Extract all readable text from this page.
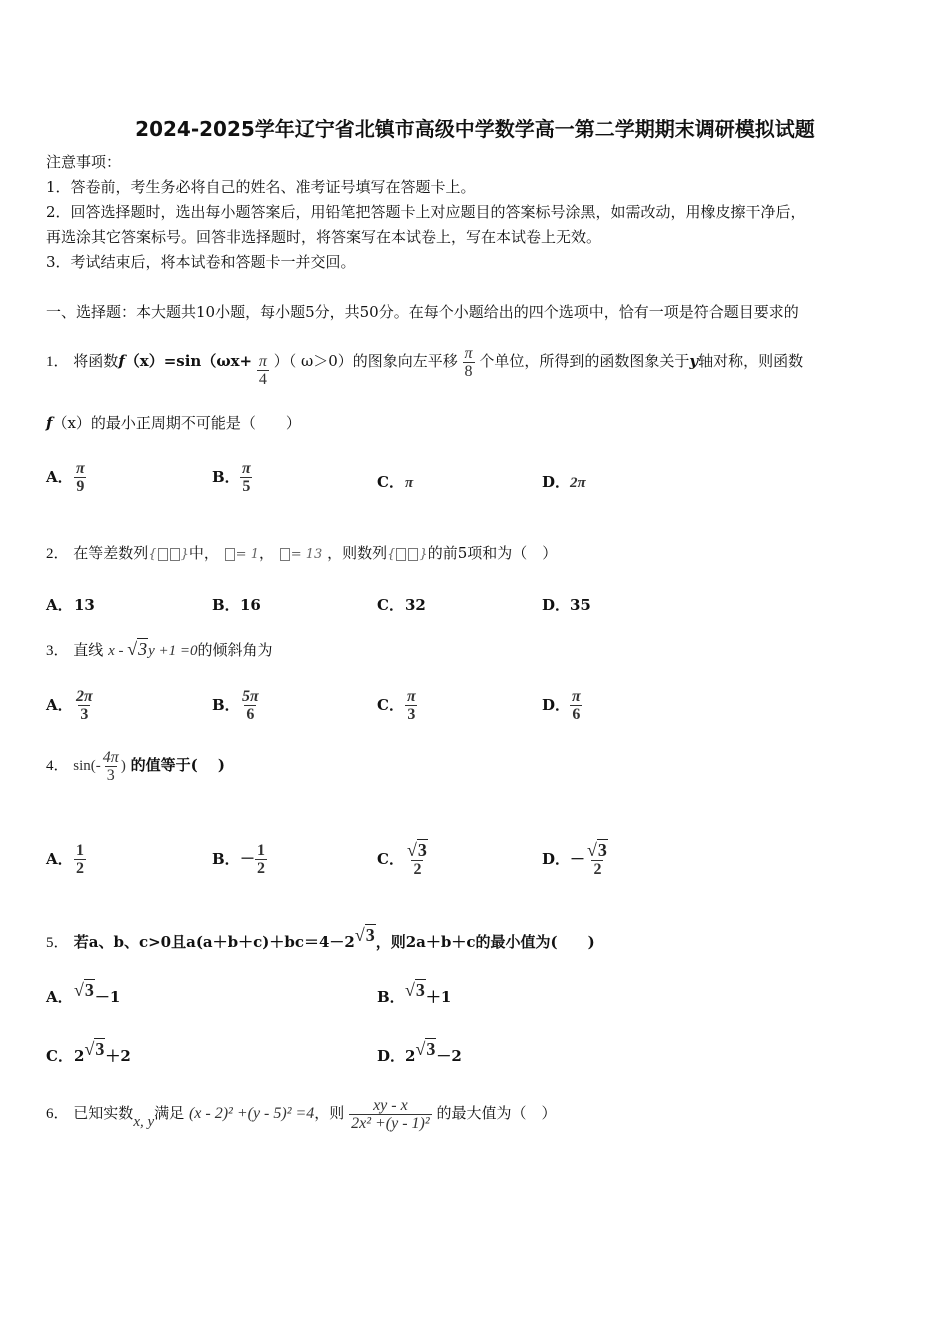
2024-2025学年辽宁省北镇市高级中学数学高一第二学期期末调研模拟试题
注意事项：
1．答卷前，考生务必将自己的姓名、准考证号填写在答题卡上。
2．回答选择题时，选出每小题答案后，用铅笔把答题卡上对应题目的答案标号涂黑，如需改动，用橡皮擦干净后，
再选涂其它答案标号。回答非选择题时，将答案写在本试卷上，写在本试卷上无效。
3．考试结束后，将本试卷和答题卡一并交回。
一、选择题：本大题共10小题，每小题5分，共50分。在每个小题给出的四个选项中，恰有一项是符合题目要求的
1． 将函数$f(x)=\sin(\omega x+ \frac{\pi}{4}$ ）（ ω＞0）的图象向左平移 $\frac{\pi}{8}$ 个单位，所得到的函数图象关于y轴对称，则函数
f（x）的最小正周期不可能是（　　）
A． $\frac{\pi}{9}$	B． $\frac{\pi}{5}$	C．π	D．2π
2． 在等差数列{ }中， = 1， = 13 ，则数列{ }的前5项和为（　）
A．13	B．16	C．32	D．35
3． 直线 x - √3y +1 =0的倾斜角为
A． $\frac{2\pi}{3}$	B． $\frac{5\pi}{6}$	C． $\frac{\pi}{3}$	D． $\frac{\pi}{6}$
4． $\sin(- \frac{4\pi}{3}$ ) 的值等于(　 )
A． $\frac{1}{2}$	B．－ $\frac{1}{2}$	C． $\frac{√3}{2}$	D．－ $\frac{√3}{2}$
5． 若a、b、c>0且a(a＋b＋c)＋bc＝4－2√3，则2a＋b＋c的最小值为(　　)
A．√3－1	B．√3＋1
C．2√3＋2	D．2√3－2
6． 已知实数x, y满足 (x - 2)² +(y - 5)² =4，则 $\frac{xy - x}{\text{2x² +(y - 1)²}}$ 的最大值为（　）
